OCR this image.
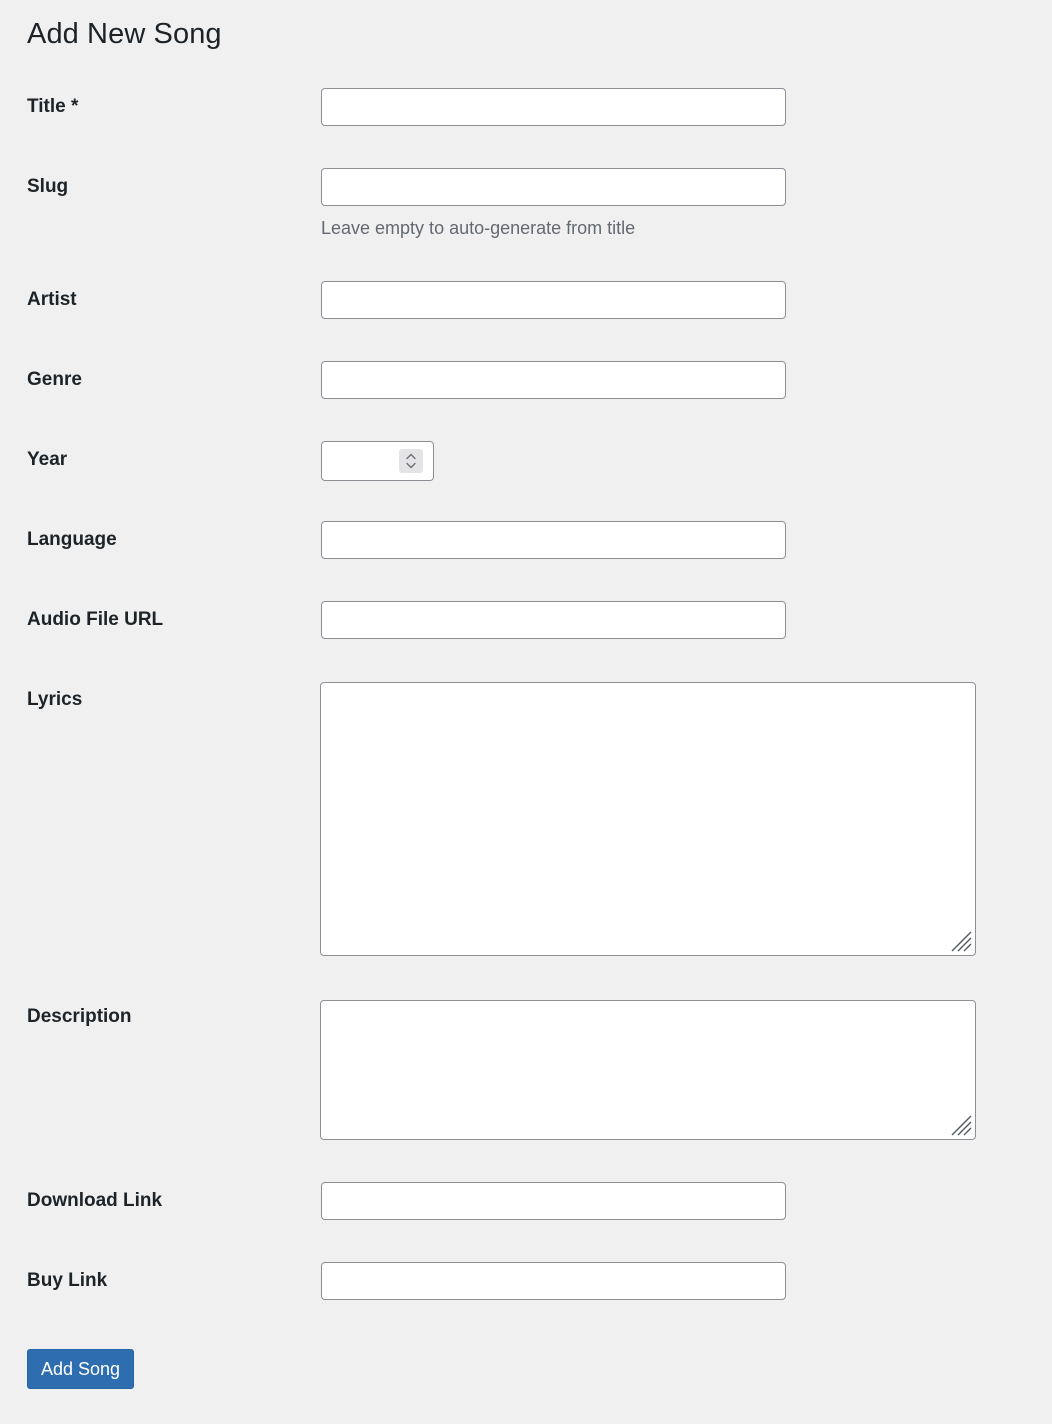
Add New Song
Title *
Slug
Leave empty to auto-generate from title
Artist
Genre
Year
Language
Audio File URL
Lyrics
Description
Download Link
Buy Link
Add Song
